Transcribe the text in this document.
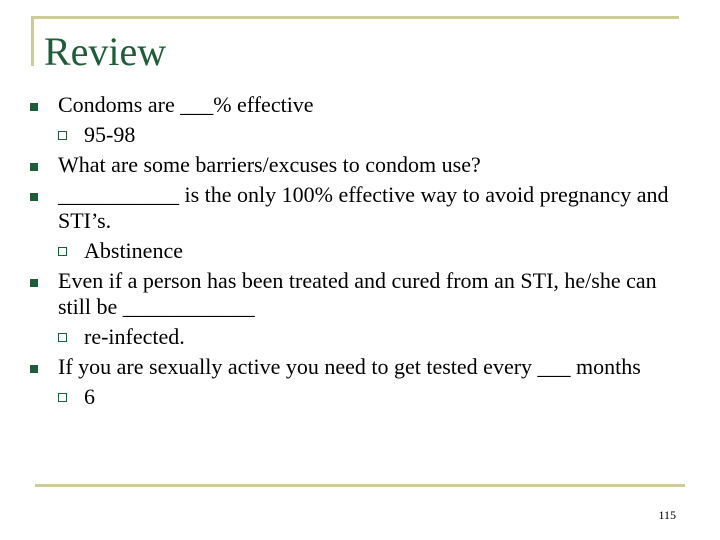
Review
Condoms are ___% effective
95-98
What are some barriers/excuses to condom use?
___________ is the only 100% effective way to avoid pregnancy and STI’s.
Abstinence
Even if a person has been treated and cured from an STI, he/she can still be ____________
re-infected.
If you are sexually active you need to get tested every ___ months
6
115
